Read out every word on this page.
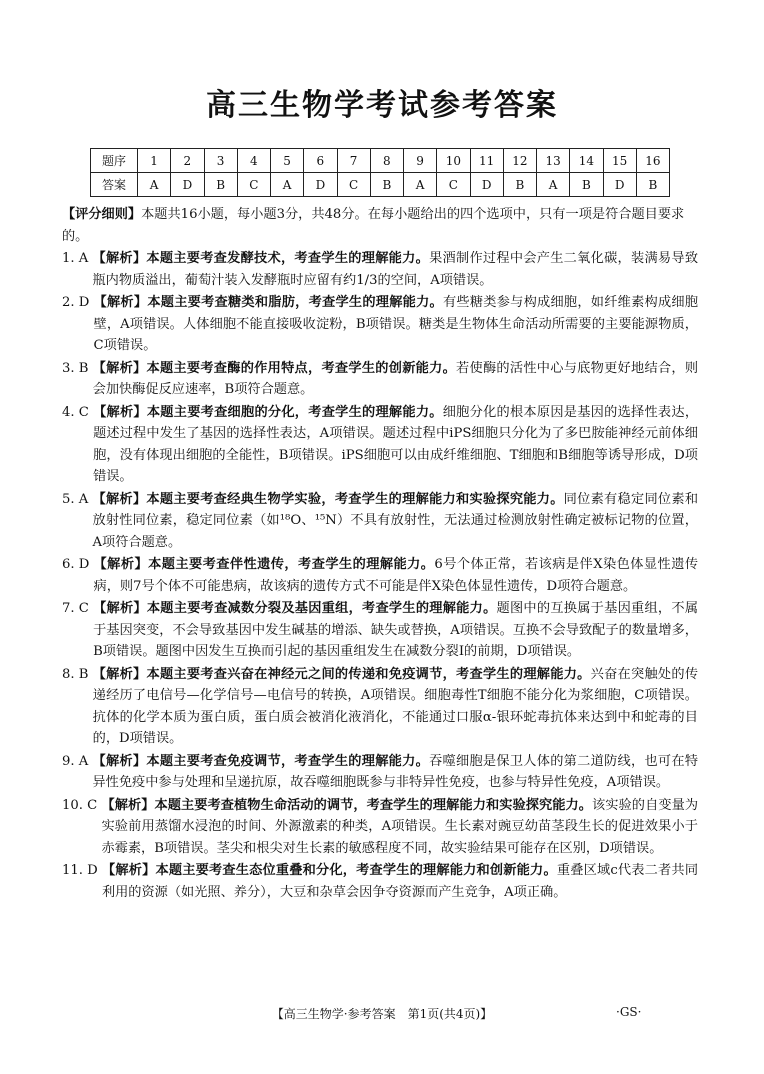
高三生物学考试参考答案
题序	1	2	3	4	5	6	7	8	9	10	11	12	13	14	15	16
答案	A	D	B	C	A	D	C	B	A	C	D	B	A	B	D	B
【评分细则】本题共16小题，每小题3分，共48分。在每小题给出的四个选项中，只有一项是符合题目要求的。
1. A 【解析】本题主要考查发酵技术，考查学生的理解能力。果酒制作过程中会产生二氧化碳，装满易导致瓶内物质溢出，葡萄汁装入发酵瓶时应留有约1/3的空间，A项错误。
2. D 【解析】本题主要考查糖类和脂肪，考查学生的理解能力。有些糖类参与构成细胞，如纤维素构成细胞壁，A项错误。人体细胞不能直接吸收淀粉，B项错误。糖类是生物体生命活动所需要的主要能源物质，C项错误。
3. B 【解析】本题主要考查酶的作用特点，考查学生的创新能力。若使酶的活性中心与底物更好地结合，则会加快酶促反应速率，B项符合题意。
4. C 【解析】本题主要考查细胞的分化，考查学生的理解能力。细胞分化的根本原因是基因的选择性表达，题述过程中发生了基因的选择性表达，A项错误。题述过程中iPS细胞只分化为了多巴胺能神经元前体细胞，没有体现出细胞的全能性，B项错误。iPS细胞可以由成纤维细胞、T细胞和B细胞等诱导形成，D项错误。
5. A 【解析】本题主要考查经典生物学实验，考查学生的理解能力和实验探究能力。同位素有稳定同位素和放射性同位素，稳定同位素（如¹⁸O、¹⁵N）不具有放射性，无法通过检测放射性确定被标记物的位置，A项符合题意。
6. D 【解析】本题主要考查伴性遗传，考查学生的理解能力。6号个体正常，若该病是伴X染色体显性遗传病，则7号个体不可能患病，故该病的遗传方式不可能是伴X染色体显性遗传，D项符合题意。
7. C 【解析】本题主要考查减数分裂及基因重组，考查学生的理解能力。题图中的互换属于基因重组，不属于基因突变，不会导致基因中发生碱基的增添、缺失或替换，A项错误。互换不会导致配子的数量增多，B项错误。题图中因发生互换而引起的基因重组发生在减数分裂Ⅰ的前期，D项错误。
8. B 【解析】本题主要考查兴奋在神经元之间的传递和免疫调节，考查学生的理解能力。兴奋在突触处的传递经历了电信号—化学信号—电信号的转换，A项错误。细胞毒性T细胞不能分化为浆细胞，C项错误。抗体的化学本质为蛋白质，蛋白质会被消化液消化，不能通过口服α-银环蛇毒抗体来达到中和蛇毒的目的，D项错误。
9. A 【解析】本题主要考查免疫调节，考查学生的理解能力。吞噬细胞是保卫人体的第二道防线，也可在特异性免疫中参与处理和呈递抗原，故吞噬细胞既参与非特异性免疫，也参与特异性免疫，A项错误。
10. C 【解析】本题主要考查植物生命活动的调节，考查学生的理解能力和实验探究能力。该实验的自变量为实验前用蒸馏水浸泡的时间、外源激素的种类，A项错误。生长素对豌豆幼苗茎段生长的促进效果小于赤霉素，B项错误。茎尖和根尖对生长素的敏感程度不同，故实验结果可能存在区别，D项错误。
11. D 【解析】本题主要考查生态位重叠和分化，考查学生的理解能力和创新能力。重叠区域c代表二者共同利用的资源（如光照、养分），大豆和杂草会因争夺资源而产生竞争，A项正确。
【高三生物学·参考答案　第1页(共4页)】	·GS·
